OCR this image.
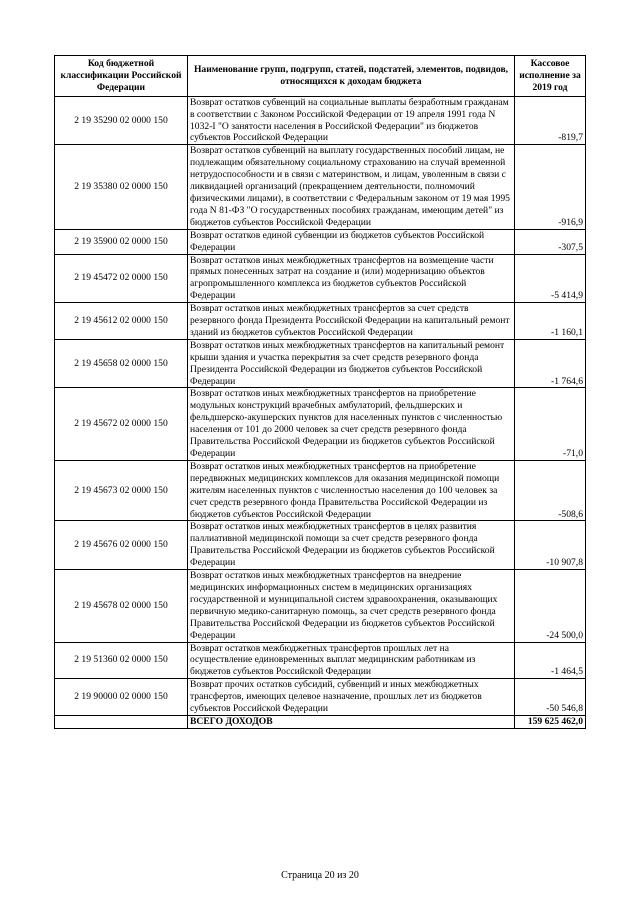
Код бюджетной классификации Российской Федерации	Наименование групп, подгрупп, статей, подстатей, элементов, подвидов, относящихся к доходам бюджета	Кассовое исполнение за 2019 год
2 19 35290 02 0000 150	Возврат остатков субвенций на социальные выплаты безработным гражданам в соответствии с Законом Российской Федерации от 19 апреля 1991 года N 1032-I "О занятости населения в Российской Федерации" из бюджетов субъектов Российской Федерации	-819,7
2 19 35380 02 0000 150	Возврат остатков субвенций на выплату государственных пособий лицам, не подлежащим обязательному социальному страхованию на случай временной нетрудоспособности и в связи с материнством, и лицам, уволенным в связи с ликвидацией организаций (прекращением деятельности, полномочий физическими лицами), в соответствии с Федеральным законом от 19 мая 1995 года N 81-ФЗ "О государственных пособиях гражданам, имеющим детей" из бюджетов субъектов Российской Федерации	-916,9
2 19 35900 02 0000 150	Возврат остатков единой субвенции из бюджетов субъектов Российской Федерации	-307,5
2 19 45472 02 0000 150	Возврат остатков иных межбюджетных трансфертов на возмещение части прямых понесенных затрат на создание и (или) модернизацию объектов агропромышленного комплекса из бюджетов субъектов Российской Федерации	-5 414,9
2 19 45612 02 0000 150	Возврат остатков иных межбюджетных трансфертов за счет средств резервного фонда Президента Российской Федерации на капитальный ремонт зданий из бюджетов субъектов Российской Федерации	-1 160,1
2 19 45658 02 0000 150	Возврат остатков иных межбюджетных трансфертов на капитальный ремонт крыши здания и участка перекрытия за счет средств резервного фонда Президента Российской Федерации из бюджетов субъектов Российской Федерации	-1 764,6
2 19 45672 02 0000 150	Возврат остатков иных межбюджетных трансфертов на приобретение модульных конструкций врачебных амбулаторий, фельдшерских и фельдшерско-акушерских пунктов для населенных пунктов с численностью населения от 101 до 2000 человек за счет средств резервного фонда Правительства Российской Федерации из бюджетов субъектов Российской Федерации	-71,0
2 19 45673 02 0000 150	Возврат остатков иных межбюджетных трансфертов на приобретение передвижных медицинских комплексов для оказания медицинской помощи жителям населенных пунктов с численностью населения до 100 человек за счет средств резервного фонда Правительства Российской Федерации из бюджетов субъектов Российской Федерации	-508,6
2 19 45676 02 0000 150	Возврат остатков иных межбюджетных трансфертов в целях развития паллиативной медицинской помощи за счет средств резервного фонда Правительства Российской Федерации из бюджетов субъектов Российской Федерации	-10 907,8
2 19 45678 02 0000 150	Возврат остатков иных межбюджетных трансфертов на внедрение медицинских информационных систем в медицинских организациях государственной и муниципальной систем здравоохранения, оказывающих первичную медико-санитарную помощь, за счет средств резервного фонда Правительства Российской Федерации из бюджетов субъектов Российской Федерации	-24 500,0
2 19 51360 02 0000 150	Возврат остатков межбюджетных трансфертов прошлых лет на осуществление единовременных выплат медицинским работникам из бюджетов субъектов Российской Федерации	-1 464,5
2 19 90000 02 0000 150	Возврат прочих остатков субсидий, субвенций и иных межбюджетных трансфертов, имеющих целевое назначение, прошлых лет из бюджетов субъектов Российской Федерации	-50 546,8
	ВСЕГО ДОХОДОВ	159 625 462,0
Страница 20 из 20
